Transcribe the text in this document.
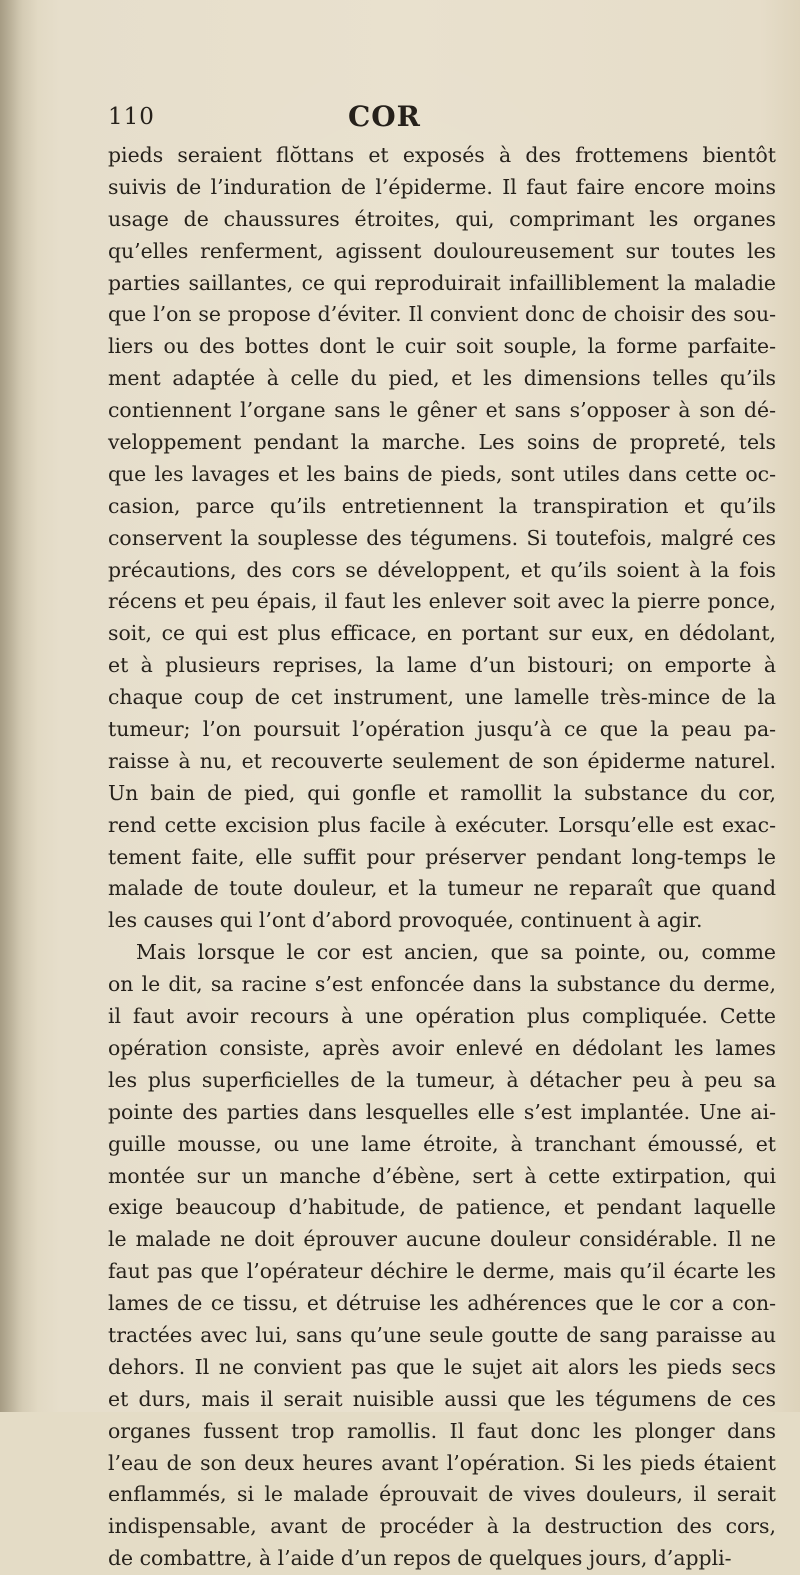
110	COR
pieds seraient flŏttans et exposés à des frottemens bientôt
suivis de l’induration de l’épiderme. Il faut faire encore moins
usage de chaussures étroites, qui, comprimant les organes
qu’elles renferment, agissent douloureusement sur toutes les
parties saillantes, ce qui reproduirait infailliblement la maladie
que l’on se propose d’éviter. Il convient donc de choisir des sou-
liers ou des bottes dont le cuir soit souple, la forme parfaite-
ment adaptée à celle du pied, et les dimensions telles qu’ils
contiennent l’organe sans le gêner et sans s’opposer à son dé-
veloppement pendant la marche. Les soins de propreté, tels
que les lavages et les bains de pieds, sont utiles dans cette oc-
casion, parce qu’ils entretiennent la transpiration et qu’ils
conservent la souplesse des tégumens. Si toutefois, malgré ces
précautions, des cors se développent, et qu’ils soient à la fois
récens et peu épais, il faut les enlever soit avec la pierre ponce,
soit, ce qui est plus efficace, en portant sur eux, en dédolant,
et à plusieurs reprises, la lame d’un bistouri; on emporte à
chaque coup de cet instrument, une lamelle très-mince de la
tumeur; l’on poursuit l’opération jusqu’à ce que la peau pa-
raisse à nu, et recouverte seulement de son épiderme naturel.
Un bain de pied, qui gonfle et ramollit la substance du cor,
rend cette excision plus facile à exécuter. Lorsqu’elle est exac-
tement faite, elle suffit pour préserver pendant long-temps le
malade de toute douleur, et la tumeur ne reparaît que quand
les causes qui l’ont d’abord provoquée, continuent à agir.
Mais lorsque le cor est ancien, que sa pointe, ou, comme
on le dit, sa racine s’est enfoncée dans la substance du derme,
il faut avoir recours à une opération plus compliquée. Cette
opération consiste, après avoir enlevé en dédolant les lames
les plus superficielles de la tumeur, à détacher peu à peu sa
pointe des parties dans lesquelles elle s’est implantée. Une ai-
guille mousse, ou une lame étroite, à tranchant émoussé, et
montée sur un manche d’ébène, sert à cette extirpation, qui
exige beaucoup d’habitude, de patience, et pendant laquelle
le malade ne doit éprouver aucune douleur considérable. Il ne
faut pas que l’opérateur déchire le derme, mais qu’il écarte les
lames de ce tissu, et détruise les adhérences que le cor a con-
tractées avec lui, sans qu’une seule goutte de sang paraisse au
dehors. Il ne convient pas que le sujet ait alors les pieds secs
et durs, mais il serait nuisible aussi que les tégumens de ces
organes fussent trop ramollis. Il faut donc les plonger dans
l’eau de son deux heures avant l’opération. Si les pieds étaient
enflammés, si le malade éprouvait de vives douleurs, il serait
indispensable, avant de procéder à la destruction des cors,
de combattre, à l’aide d’un repos de quelques jours, d’appli-
